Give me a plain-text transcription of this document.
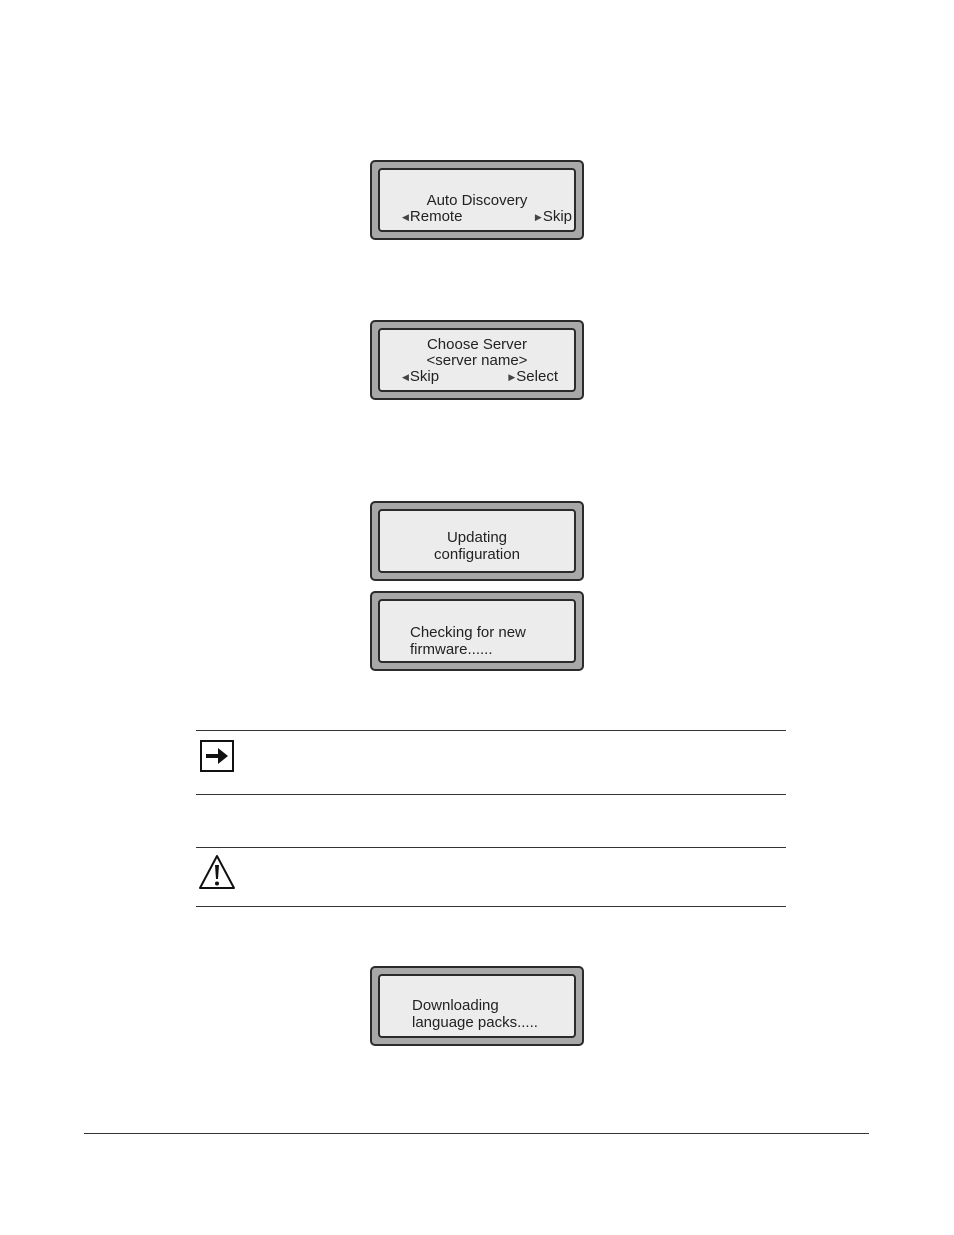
Auto Discovery
◀Remote	▶Skip
Choose Server
<server name>
◀Skip	▶Select
Updating
configuration
Checking for new
firmware......
Downloading
language packs.....
